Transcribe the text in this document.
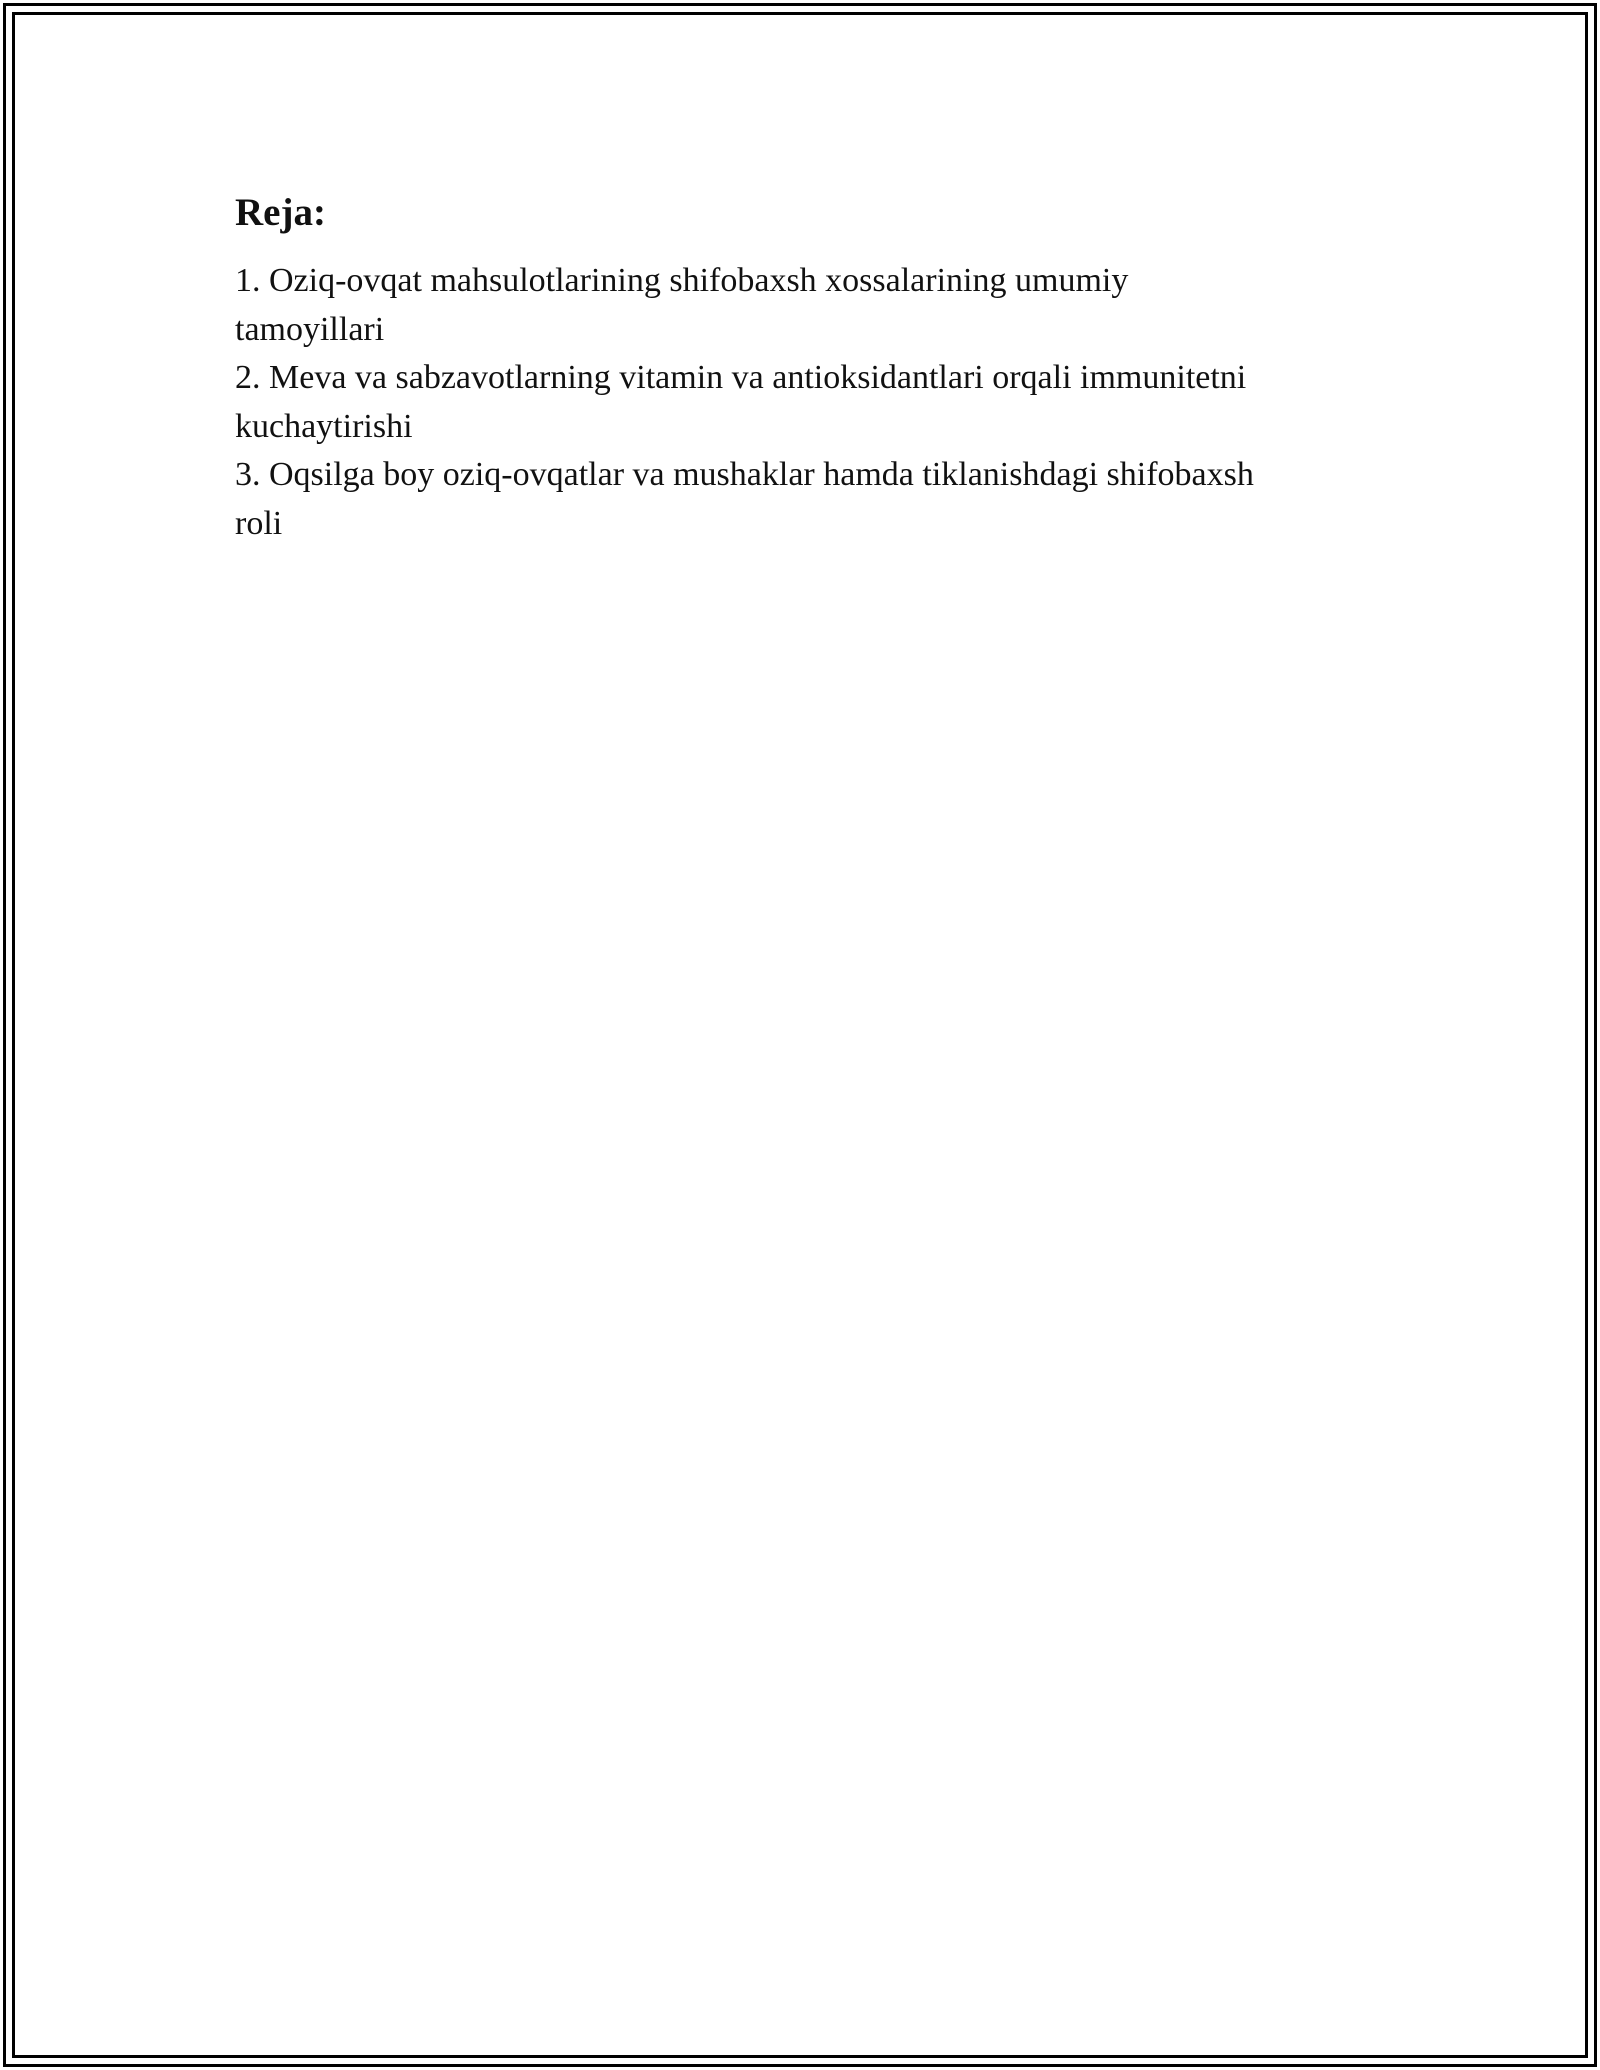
Reja:
1. Oziq-ovqat mahsulotlarining shifobaxsh xossalarining umumiy
tamoyillari
2. Meva va sabzavotlarning vitamin va antioksidantlari orqali immunitetni
kuchaytirishi
3. Oqsilga boy oziq-ovqatlar va mushaklar hamda tiklanishdagi shifobaxsh
roli
